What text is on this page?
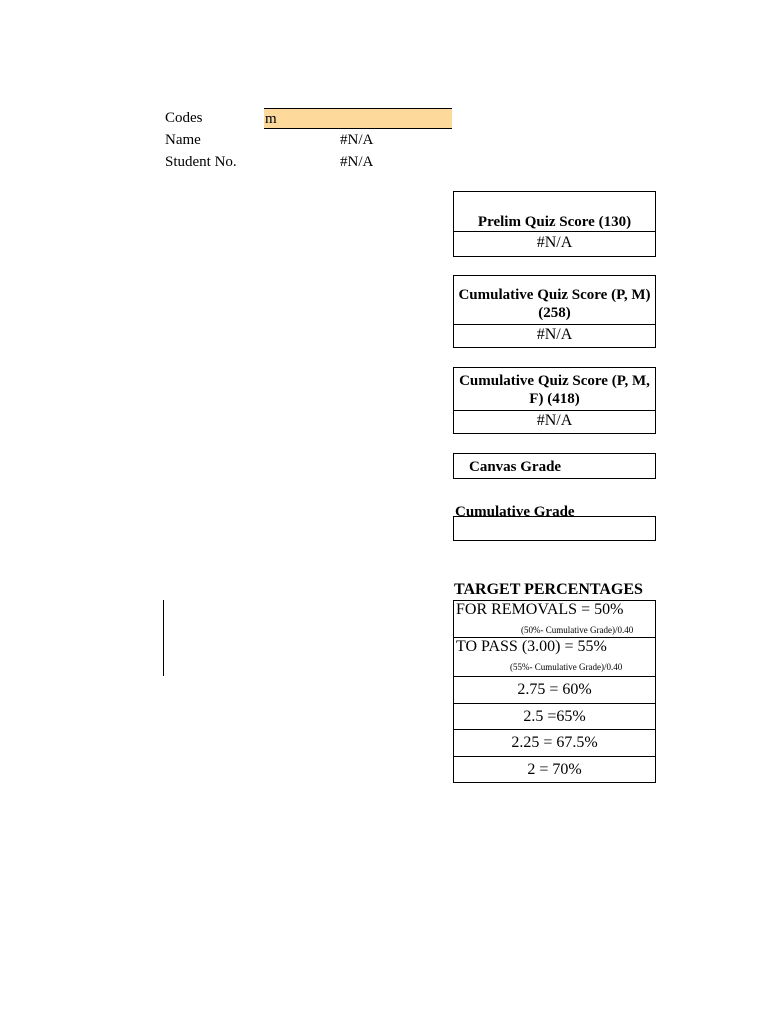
Codes	m
Name	#N/A
Student No.	#N/A
Prelim Quiz Score (130)
#N/A
Cumulative Quiz Score (P, M) (258)
#N/A
Cumulative Quiz Score (P, M, F) (418)
#N/A
Canvas Grade
Cumulative Grade
TARGET PERCENTAGES
FOR REMOVALS = 50%
(50%- Cumulative Grade)/0.40
TO PASS (3.00) = 55%
(55%- Cumulative Grade)/0.40
2.75 = 60%
2.5 =65%
2.25 = 67.5%
2 = 70%
